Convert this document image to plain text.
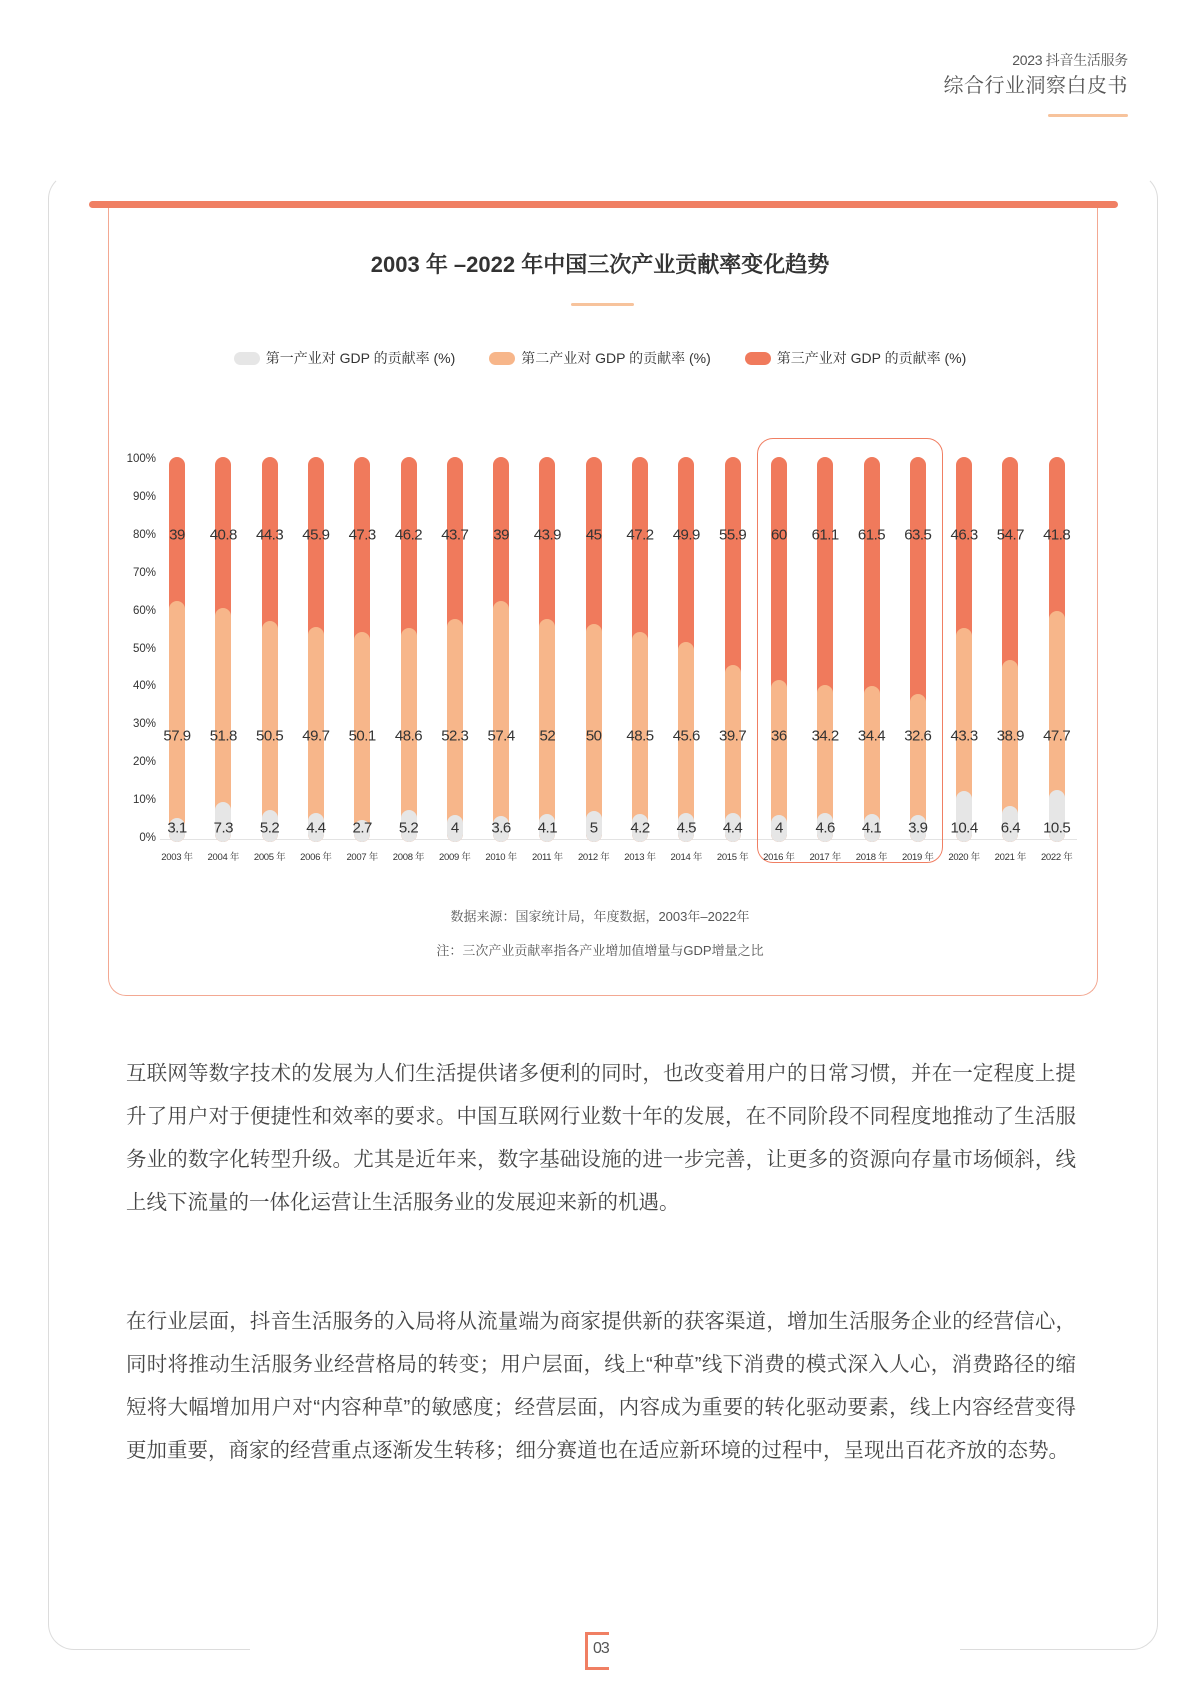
2023 抖音生活服务
综合行业洞察白皮书
2003 年 –2022 年中国三次产业贡献率变化趋势
第一产业对 GDP 的贡献率 (%)	第二产业对 GDP 的贡献率 (%)	第三产业对 GDP 的贡献率 (%)
0%
10%
20%
30%
40%
50%
60%
70%
80%
90%
100%
39
57.9
3.1
2003 年
40.8
51.8
7.3
2004 年
44.3
50.5
5.2
2005 年
45.9
49.7
4.4
2006 年
47.3
50.1
2.7
2007 年
46.2
48.6
5.2
2008 年
43.7
52.3
4
2009 年
39
57.4
3.6
2010 年
43.9
52
4.1
2011 年
45
50
5
2012 年
47.2
48.5
4.2
2013 年
49.9
45.6
4.5
2014 年
55.9
39.7
4.4
2015 年
60
36
4
2016 年
61.1
34.2
4.6
2017 年
61.5
34.4
4.1
2018 年
63.5
32.6
3.9
2019 年
46.3
43.3
10.4
2020 年
54.7
38.9
6.4
2021 年
41.8
47.7
10.5
2022 年
数据来源：国家统计局，年度数据，2003年–2022年
注：三次产业贡献率指各产业增加值增量与GDP增量之比

互联网等数字技术的发展为人们生活提供诸多便利的同时，也改变着用户的日常习惯，并在一定程度上提升了用户对于便捷性和效率的要求。中国互联网行业数十年的发展，在不同阶段不同程度地推动了生活服务业的数字化转型升级。尤其是近年来，数字基础设施的进一步完善，让更多的资源向存量市场倾斜，线上线下流量的一体化运营让生活服务业的发展迎来新的机遇。

在行业层面，抖音生活服务的入局将从流量端为商家提供新的获客渠道，增加生活服务企业的经营信心，同时将推动生活服务业经营格局的转变；用户层面，线上“种草”线下消费的模式深入人心，消费路径的缩短将大幅增加用户对“内容种草”的敏感度；经营层面，内容成为重要的转化驱动要素，线上内容经营变得更加重要，商家的经营重点逐渐发生转移；细分赛道也在适应新环境的过程中，呈现出百花齐放的态势。

03
